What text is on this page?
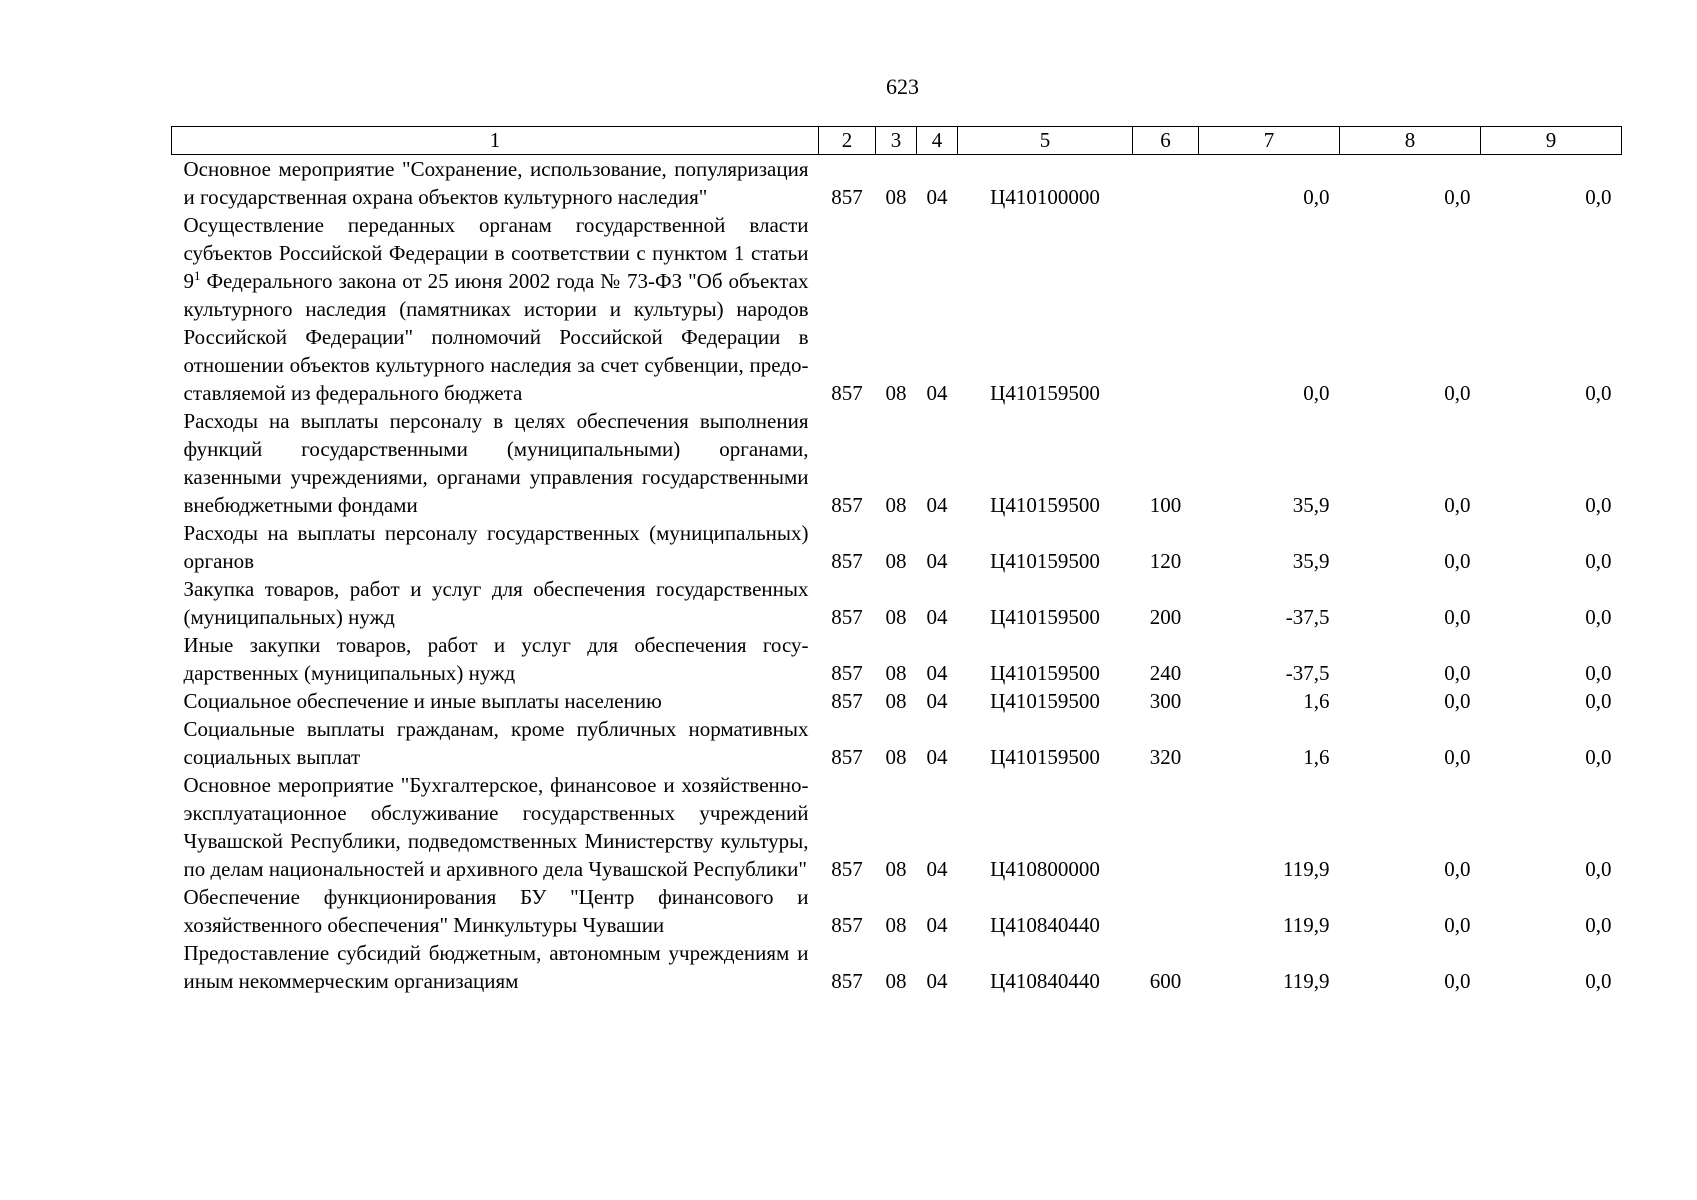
623
1	2	3	4	5	6	7	8	9
Основное мероприятие "Сохранение, использование, популяризация и государственная охрана объектов культурного наследия"	857	08	04	Ц410100000		0,0	0,0	0,0
Осуществление переданных органам государственной власти субъектов Российской Федерации в соответствии с пунктом 1 статьи $9^1$ Федерального закона от 25 июня 2002 года № 73-ФЗ "Об объектах культурного наследия (памятниках истории и культуры) народов Российской Федерации" полномочий Российской Федерации в отношении объектов культурного наследия за счет субвенции, предоставляемой из федерального бюджета	857	08	04	Ц410159500		0,0	0,0	0,0
Расходы на выплаты персоналу в целях обеспечения выполнения функций государственными (муниципальными) органами, казенными учреждениями, органами управления государственными внебюджетными фондами	857	08	04	Ц410159500	100	35,9	0,0	0,0
Расходы на выплаты персоналу государственных (муниципальных) органов	857	08	04	Ц410159500	120	35,9	0,0	0,0
Закупка товаров, работ и услуг для обеспечения государственных (муниципальных) нужд	857	08	04	Ц410159500	200	-37,5	0,0	0,0
Иные закупки товаров, работ и услуг для обеспечения государственных (муниципальных) нужд	857	08	04	Ц410159500	240	-37,5	0,0	0,0
Социальное обеспечение и иные выплаты населению	857	08	04	Ц410159500	300	1,6	0,0	0,0
Социальные выплаты гражданам, кроме публичных нормативных социальных выплат	857	08	04	Ц410159500	320	1,6	0,0	0,0
Основное мероприятие "Бухгалтерское, финансовое и хозяйственно-эксплуатационное обслуживание государственных учреждений Чувашской Республики, подведомственных Министерству культуры, по делам национальностей и архивного дела Чувашской Республики"	857	08	04	Ц410800000		119,9	0,0	0,0
Обеспечение функционирования БУ "Центр финансового и хозяйственного обеспечения" Минкультуры Чувашии	857	08	04	Ц410840440		119,9	0,0	0,0
Предоставление субсидий бюджетным, автономным учреждениям и иным некоммерческим организациям	857	08	04	Ц410840440	600	119,9	0,0	0,0
